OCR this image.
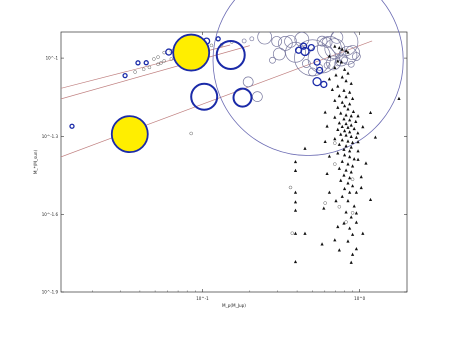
10^-1	10^0
10^-1
10^-1.3
10^-1.6
10^-1.9
M_p(M_Jup)
M_*(M_sun)
